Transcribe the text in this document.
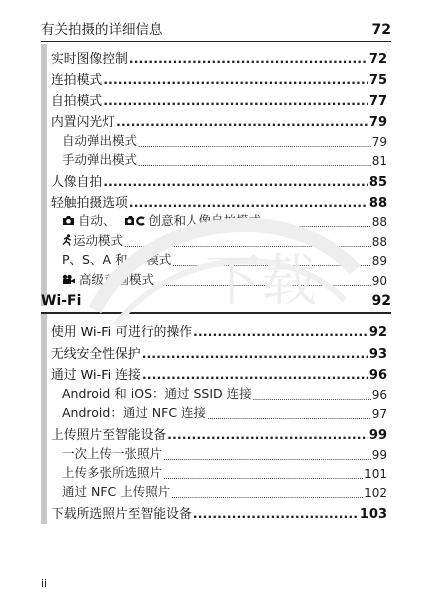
有关拍摄的详细信息	72
实时图像控制 .....	72
连拍模式 .....	75
自拍模式 .....	77
内置闪光灯 .....	79
自动弹出模式 .....	79
手动弹出模式 .....	81
人像自拍 .....	85
轻触拍摄选项 .....	88
自动、	创意和人像自拍模式 .....	88
运动模式 .....	88
P、S、A 和 M 模式 .....	89
高级动画模式 .....	90
Wi-Fi	92
使用 Wi-Fi 可进行的操作 .....	92
无线安全性保护 .....	93
通过 Wi-Fi 连接 .....	96
Android 和 iOS：通过 SSID 连接 .....	96
Android：通过 NFC 连接 .....	97
上传照片至智能设备 .....	99
一次上传一张照片 .....	99
上传多张所选照片 .....	101
通过 NFC 上传照片 .....	102
下载所选照片至智能设备 .....	103
下载
ii
